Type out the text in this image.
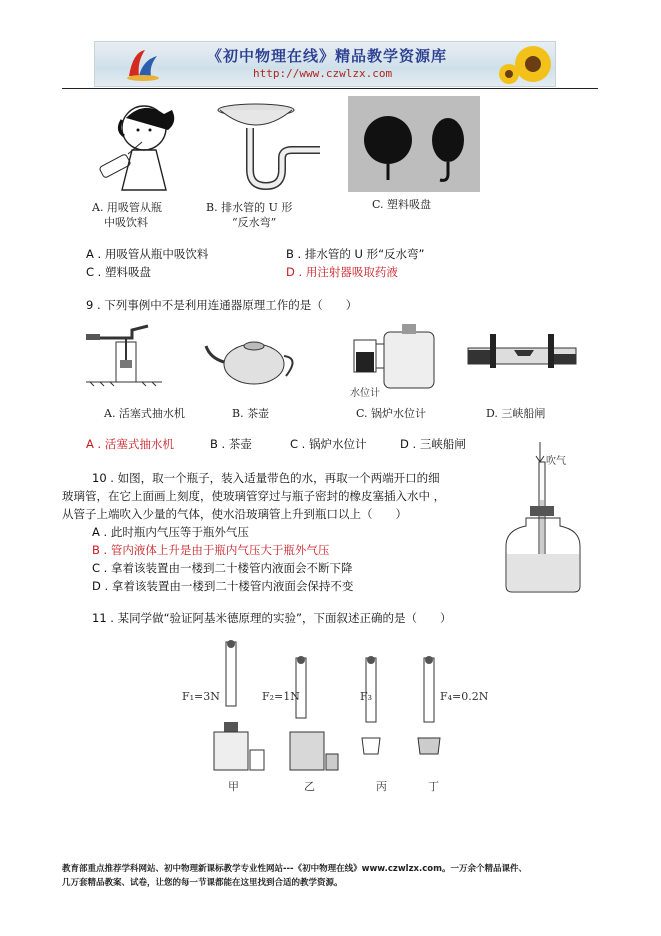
《初中物理在线》精品教学资源库
http://www.czwlzx.com
A. 用吸管从瓶
中吸饮料
B. 排水管的 U 形
“反水弯”
C. 塑料吸盘
A . 用吸管从瓶中吸饮料	B . 排水管的 U 形“反水弯”
C . 塑料吸盘	D . 用注射器吸取药液
9 . 下列事例中不是利用连通器原理工作的是（　　）
A. 活塞式抽水机	B. 茶壶
水位计
C. 锅炉水位计	D. 三峡船闸
A . 活塞式抽水机	B . 茶壶	C . 锅炉水位计	D . 三峡船闸
10 . 如图，取一个瓶子，装入适量带色的水，再取一个两端开口的细
玻璃管，在它上面画上刻度，使玻璃管穿过与瓶子密封的橡皮塞插入水中 ，
从管子上端吹入少量的气体，使水沿玻璃管上升到瓶口以上（　　）
A . 此时瓶内气压等于瓶外气压
B . 管内液体上升是由于瓶内气压大于瓶外气压
C . 拿着该装置由一楼到二十楼管内液面会不断下降
D . 拿着该装置由一楼到二十楼管内液面会保持不变
吹气
11 . 某同学做“验证阿基米德原理的实验”，下面叙述正确的是（　　）
F₁=3N	F₂=1N	F₃	F₄=0.2N
甲	乙	丙	丁
教育部重点推荐学科网站、初中物理新课标教学专业性网站---《初中物理在线》www.czwlzx.com。一万余个精品课件、
几万套精品教案、试卷，让您的每一节课都能在这里找到合适的教学资源。
